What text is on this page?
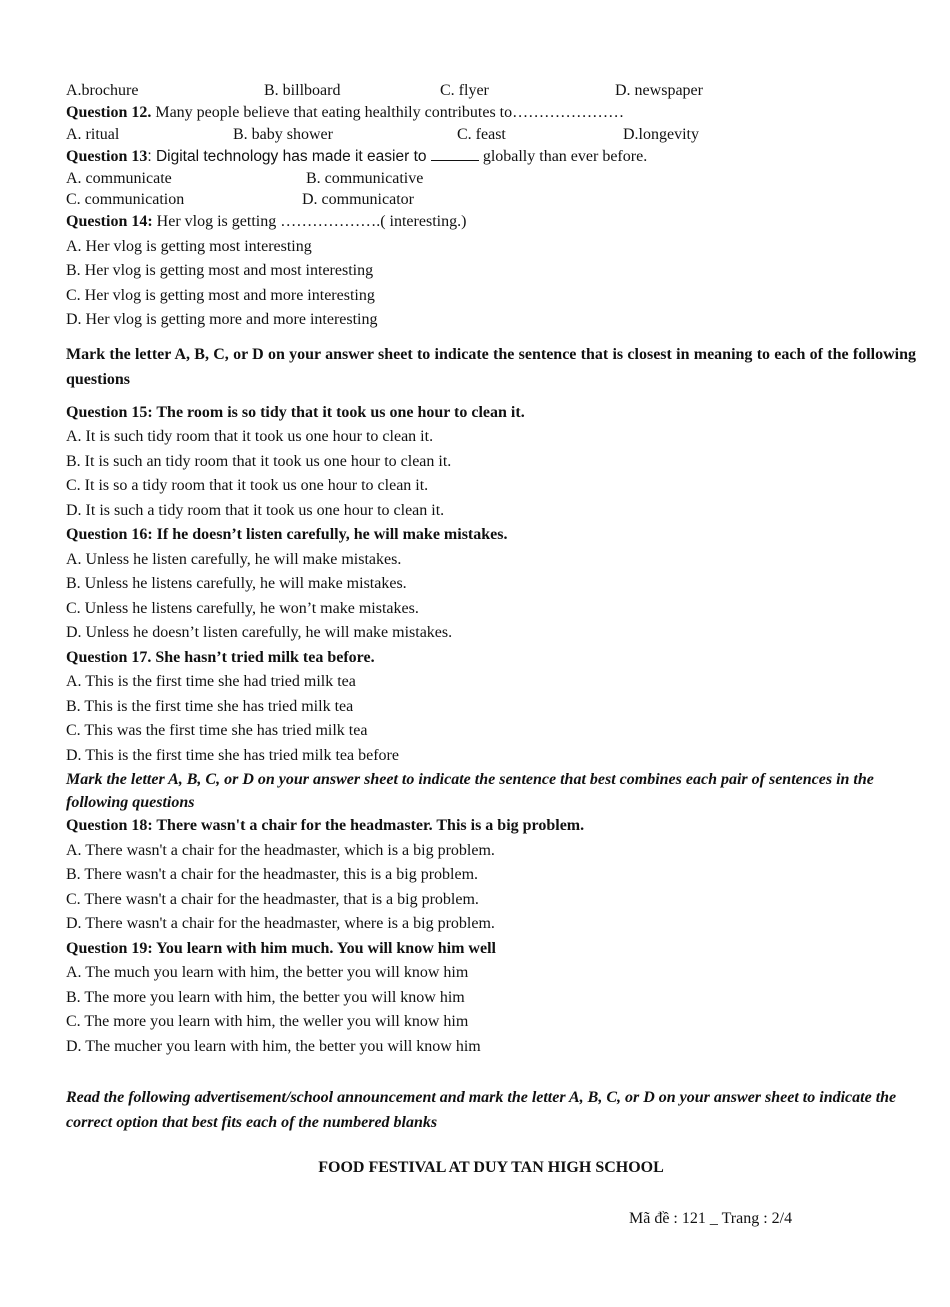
A.brochure	B. billboard	C. flyer	D. newspaper
Question 12. Many people believe that eating healthily contributes to…………………
A. ritual	B. baby shower	C. feast	D.longevity
Question 13: Digital technology has made it easier to	globally than ever before.
A. communicate	B. communicative
C. communication	D. communicator
Question 14: Her vlog is getting ……………….( interesting.)
A. Her vlog is getting most interesting
B. Her vlog is getting most and most interesting
C. Her vlog is getting most and more interesting
D. Her vlog is getting more and more interesting
Mark the letter A, B, C, or D on your answer sheet to indicate the sentence that is closest in meaning to each of the following questions
Question 15: The room is so tidy that it took us one hour to clean it.
A. It is such tidy room that it took us one hour to clean it.
B. It is such an tidy room that it took us one hour to clean it.
C. It is so a tidy room that it took us one hour to clean it.
D. It is such a tidy room that it took us one hour to clean it.
Question 16: If he doesn’t listen carefully, he will make mistakes.
A. Unless he listen carefully, he will make mistakes.
B. Unless he listens carefully, he will make mistakes.
C. Unless he listens carefully, he won’t make mistakes.
D. Unless he doesn’t listen carefully, he will make mistakes.
Question 17. She hasn’t tried milk tea before.
A. This is the first time she had tried milk tea
B. This is the first time she has tried milk tea
C. This was the first time she has tried milk tea
D. This is the first time she has tried milk tea before
Mark the letter A, B, C, or D on your answer sheet to indicate the sentence that best combines each pair of sentences in the following questions
Question 18: There wasn't a chair for the headmaster. This is a big problem.
A. There wasn't a chair for the headmaster, which is a big problem.
B. There wasn't a chair for the headmaster, this is a big problem.
C. There wasn't a chair for the headmaster, that is a big problem.
D. There wasn't a chair for the headmaster, where is a big problem.
Question 19: You learn with him much. You will know him well
A. The much you learn with him, the better you will know him
B. The more you learn with him, the better you will know him
C. The more you learn with him, the weller you will know him
D. The mucher you learn with him, the better you will know him
Read the following advertisement/school announcement and mark the letter A, B, C, or D on your answer sheet to indicate the correct option that best fits each of the numbered blanks
FOOD FESTIVAL AT DUY TAN HIGH SCHOOL
Mã đề : 121 _ Trang : 2/4
